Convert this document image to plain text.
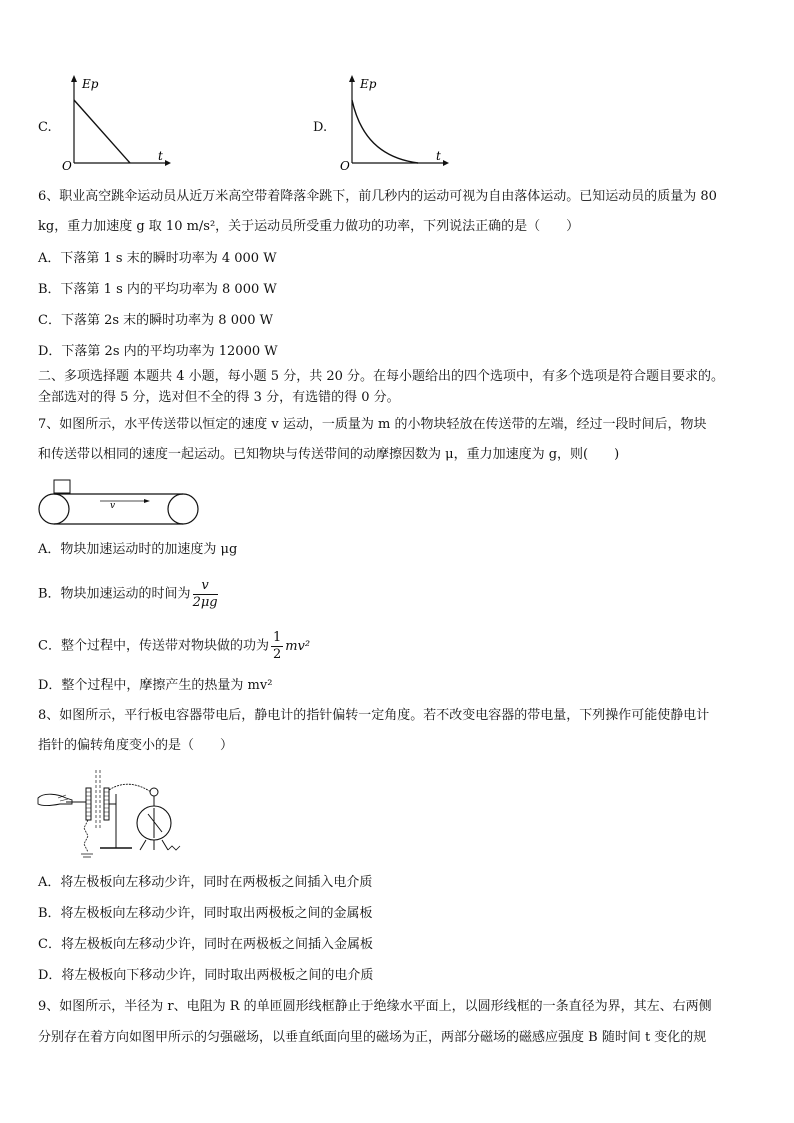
C.
Ep
t
O
D.
Ep
t
O
6、职业高空跳伞运动员从近万米高空带着降落伞跳下，前几秒内的运动可视为自由落体运动。已知运动员的质量为 80
kg，重力加速度 g 取 10 m/s²，关于运动员所受重力做功的功率，下列说法正确的是（　　）
A．下落第 1 s 末的瞬时功率为 4 000 W
B．下落第 1 s 内的平均功率为 8 000 W
C．下落第 2s 末的瞬时功率为 8 000 W
D．下落第 2s 内的平均功率为 12000 W
二、多项选择题 本题共 4 小题，每小题 5 分，共 20 分。在每小题给出的四个选项中，有多个选项是符合题目要求的。
全部选对的得 5 分，选对但不全的得 3 分，有选错的得 0 分。
7、如图所示，水平传送带以恒定的速度 v 运动，一质量为 m 的小物块轻放在传送带的左端，经过一段时间后，物块
和传送带以相同的速度一起运动。已知物块与传送带间的动摩擦因数为 μ，重力加速度为 g，则(　　)
v
A．物块加速运动时的加速度为 μg
B．物块加速运动的时间为 $\frac{v}{2\mu g}$
C．整个过程中，传送带对物块做的功为 $\frac{1}{2} mv^2$
D．整个过程中，摩擦产生的热量为 mv²
8、如图所示，平行板电容器带电后，静电计的指针偏转一定角度。若不改变电容器的带电量，下列操作可能使静电计
指针的偏转角度变小的是（　　）
A．将左极板向左移动少许，同时在两极板之间插入电介质
B．将左极板向左移动少许，同时取出两极板之间的金属板
C．将左极板向左移动少许，同时在两极板之间插入金属板
D．将左极板向下移动少许，同时取出两极板之间的电介质
9、如图所示，半径为 r、电阻为 R 的单匝圆形线框静止于绝缘水平面上，以圆形线框的一条直径为界，其左、右两侧
分别存在着方向如图甲所示的匀强磁场，以垂直纸面向里的磁场为正，两部分磁场的磁感应强度 B 随时间 t 变化的规
